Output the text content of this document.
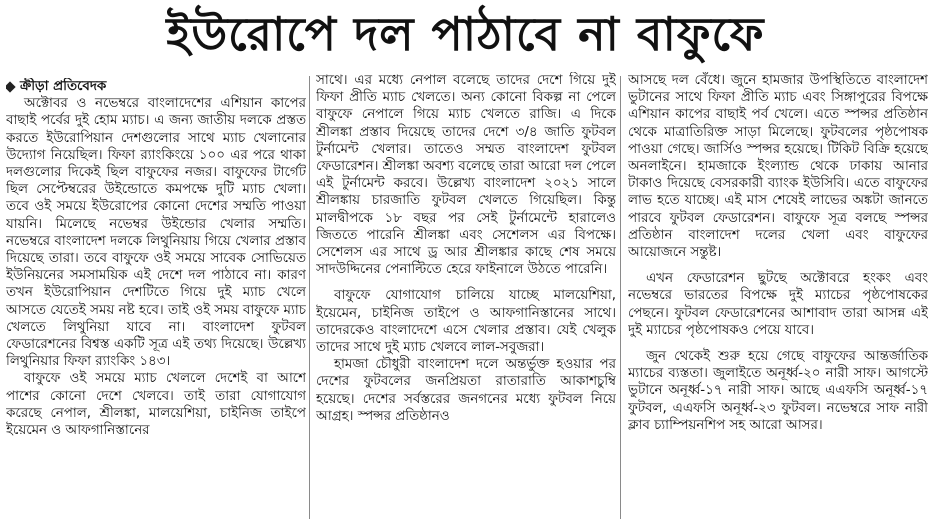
ইউরোপে দল পাঠাবে না বাফুফে
ক্রীড়া প্রতিবেদক

অক্টোবর ও নভেম্বরে বাংলাদেশের এশিয়ান কাপের বাছাই পর্বের দুই হোম ম্যাচ। এ জন্য জাতীয় দলকে প্রস্তত করতে ইউরোপিয়ান দেশগুলোর সাথে ম্যাচ খেলানোর উদ্যোগ নিয়েছিল। ফিফা র‍্যাংকিংয়ে ১০০ এর পরে থাকা দলগুলোর দিকেই ছিল বাফুফের নজর। বাফুফের টার্গেট ছিল সেপ্টেম্বরের উইন্ডোতে কমপক্ষে দুটি ম্যাচ খেলা। তবে ওই সময়ে ইউরোপের কোনো দেশের সম্মতি পাওয়া যায়নি। মিলেছে নভেম্বর উইন্ডোর খেলার সম্মতি। নভেম্বরে বাংলাদেশ দলকে লিথুনিয়ায় গিয়ে খেলার প্রস্তাব দিয়েছে তারা। তবে বাফুফে ওই সময়ে সাবেক সোভিয়েত ইউনিয়নের সমসাময়িক এই দেশে দল পাঠাবে না। কারণ তখন ইউরোপিয়ান দেশটিতে গিয়ে দুই ম্যাচ খেলে আসতে যেতেই সময় নষ্ট হবে। তাই ওই সময় বাফুফে ম্যাচ খেলতে লিথুনিয়া যাবে না। বাংলাদেশ ফুটবল ফেডারেশনের বিশ্বস্ত একটি সূত্র এই তথ্য দিয়েছে। উল্লেখ্য লিথুনিয়ার ফিফা র‍্যাংকিং ১৪৩।

বাফুফে ওই সময়ে ম্যাচ খেললে দেশেই বা আশে পাশের কোনো দেশে খেলবে। তাই তারা যোগাযোগ করেছে নেপাল, শ্রীলঙ্কা, মালয়েশিয়া, চাইনিজ তাইপে ইয়েমেন ও আফগানিস্তানের

সাথে। এর মধ্যে নেপাল বলেছে তাদের দেশে গিয়ে দুই ফিফা প্রীতি ম্যাচ খেলতে। অন্য কোনো বিকল্প না পেলে বাফুফে নেপালে গিয়ে ম্যাচ খেলতে রাজি। এ দিকে শ্রীলঙ্কা প্রস্তাব দিয়েছে তাদের দেশে ৩/৪ জাতি ফুটবল টুর্নামেন্ট খেলার। তাতেও সম্মত বাংলাদেশ ফুটবল ফেডারেশন। শ্রীলঙ্কা অবশ্য বলেছে তারা আরো দল পেলে এই টুর্নামেন্ট করবে। উল্লেখ্য বাংলাদেশ ২০২১ সালে শ্রীলঙ্কায় চারজাতি ফুটবল খেলতে গিয়েছিল। কিন্তু মালদ্বীপকে ১৮ বছর পর সেই টুর্নামেন্টে হারালেও জিততে পারেনি শ্রীলঙ্কা এবং সেশেলস এর বিপক্ষে। সেশেলস এর সাথে ড্র আর শ্রীলঙ্কার কাছে শেষ সময়ে সাদউদ্দিনের পেনাল্টিতে হেরে ফাইনালে উঠতে পারেনি।

বাফুফে যোগাযোগ চালিয়ে যাচ্ছে মালয়েশিয়া, ইয়েমেন, চাইনিজ তাইপে ও আফগানিস্তানের সাথে। তাদেরকেও বাংলাদেশে এসে খেলার প্রস্তাব। যেই খেলুক তাদের সাথে দুই ম্যাচ খেলবে লাল-সবুজরা।

হামজা চৌধুরী বাংলাদেশ দলে অন্তর্ভুক্ত হওয়ার পর দেশের ফুটবলের জনপ্রিয়তা রাতারাতি আকাশচুম্বি হয়েছে। দেশের সর্বস্তরের জনগনের মধ্যে ফুটবল নিয়ে আগ্রহ। স্পন্সর প্রতিষ্ঠানও

আসছে দল বেঁধে। জুনে হামজার উপস্থিতিতে বাংলাদেশ ভুটানের সাথে ফিফা প্রীতি ম্যাচ এবং সিঙ্গাপুরের বিপক্ষে এশিয়ান কাপের বাছাই পর্ব খেলে। এতে স্পন্সর প্রতিষ্ঠান থেকে মাত্রাতিরিক্ত সাড়া মিলেছে। ফুটবলের পৃষ্ঠপোষক পাওয়া গেছে। জার্সিও স্পন্সর হয়েছে। টিকিট বিক্রি হয়েছে অনলাইনে। হামজাকে ইংল্যান্ড থেকে ঢাকায় আনার টাকাও দিয়েছে বেসরকারী ব্যাংক ইউসিবি। এতে বাফুফের লাভ হতে যাচ্ছে। এই মাস শেষেই লাভের অঙ্কটা জানতে পারবে ফুটবল ফেডারেশন। বাফুফে সূত্র বলছে স্পন্সর প্রতিষ্ঠান বাংলাদেশ দলের খেলা এবং বাফুফের আয়োজনে সন্তুষ্ট।

এখন ফেডারেশন ছুটছে অক্টোবরে হংকং এবং নভেম্বরে ভারতের বিপক্ষে দুই ম্যাচের পৃষ্ঠপোষকের পেছনে। ফুটবল ফেডারেশনের আশাবাদ তারা আসন্ন এই দুই ম্যাচের পৃষ্ঠপোষকও পেয়ে যাবে।

জুন থেকেই শুরু হয়ে গেছে বাফুফের আন্তর্জাতিক ম্যাচের ব্যস্ততা। জুলাইতে অনূর্ধ্ব-২০ নারী সাফ। আগস্টে ভুটানে অনূর্ধ্ব-১৭ নারী সাফ। আছে এএফসি অনূর্ধ্ব-১৭ ফুটবল, এএফসি অনূর্ধ্ব-২৩ ফুটবল। নভেম্বরে সাফ নারী ক্লাব চ্যাম্পিয়নশিপ সহ আরো আসর।
